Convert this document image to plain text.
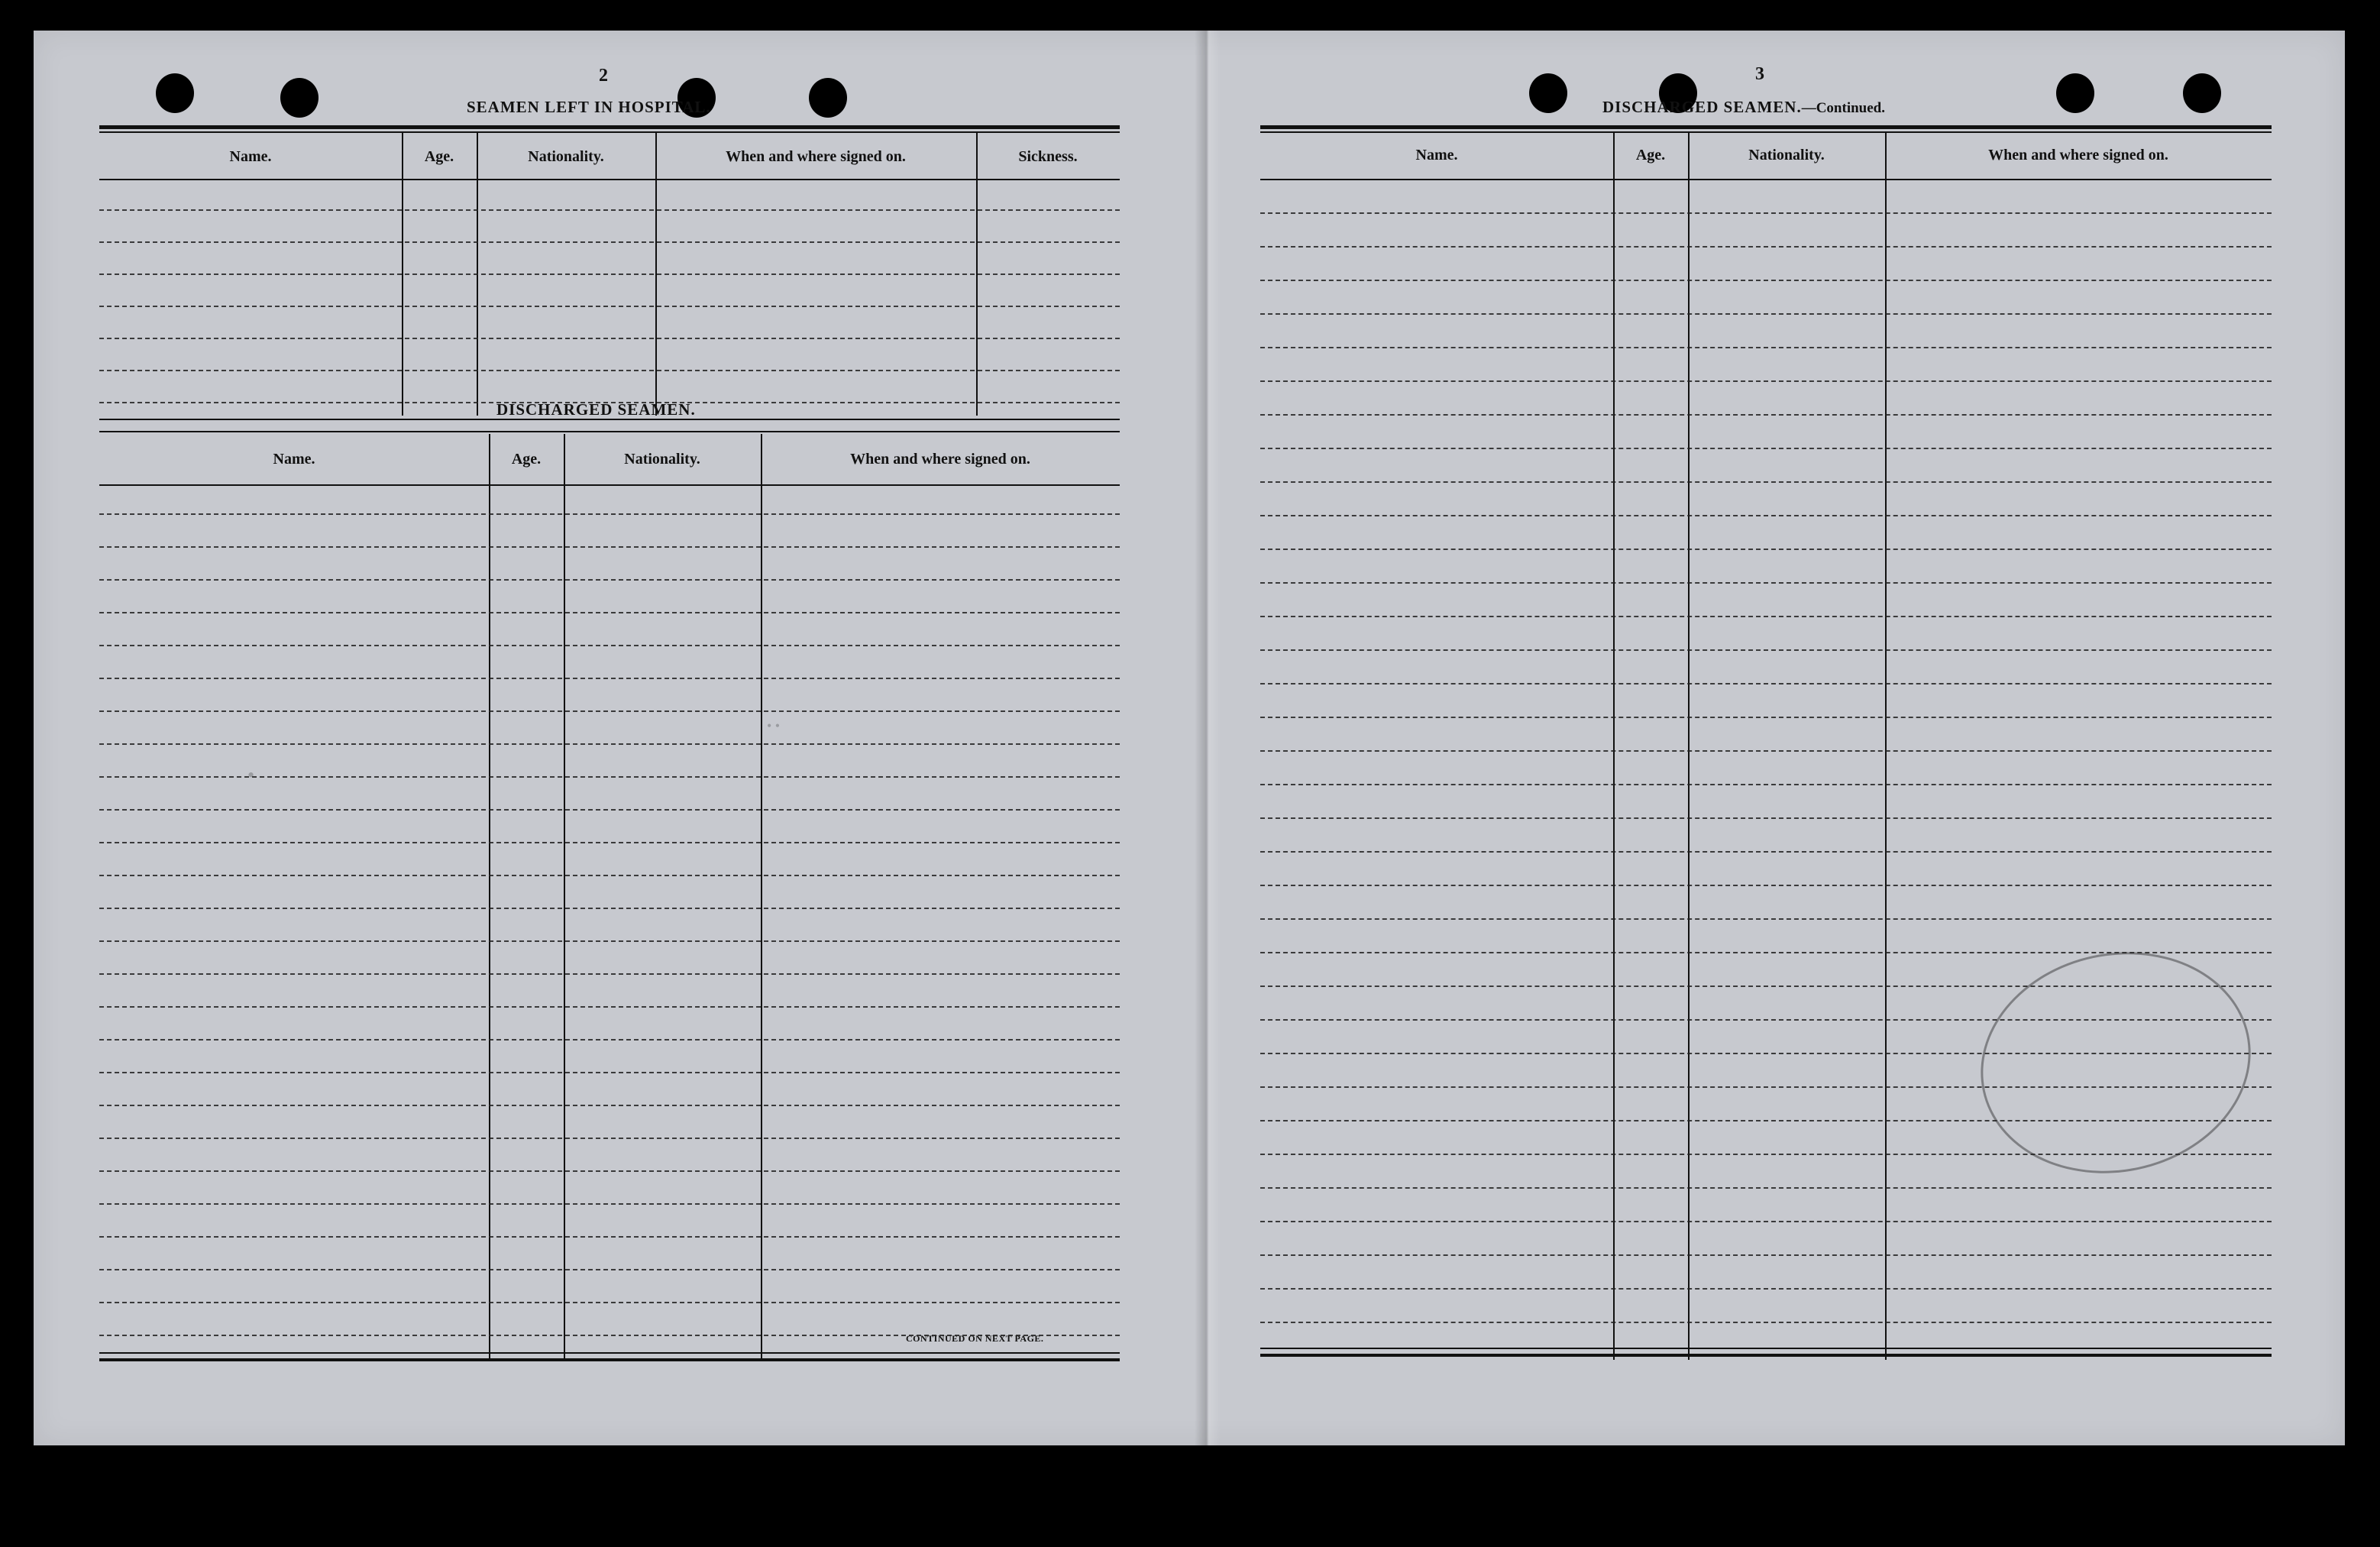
•
• •
2
SEAMEN LEFT IN HOSPITAL.
Name.	Age.	Nationality.	When and where signed on.	Sickness.
DISCHARGED SEAMEN.
Name.	Age.	Nationality.	When and where signed on.
CONTINUED ON NEXT PAGE.
3
DISCHARGED SEAMEN.—Continued.
Name.	Age.	Nationality.	When and where signed on.
